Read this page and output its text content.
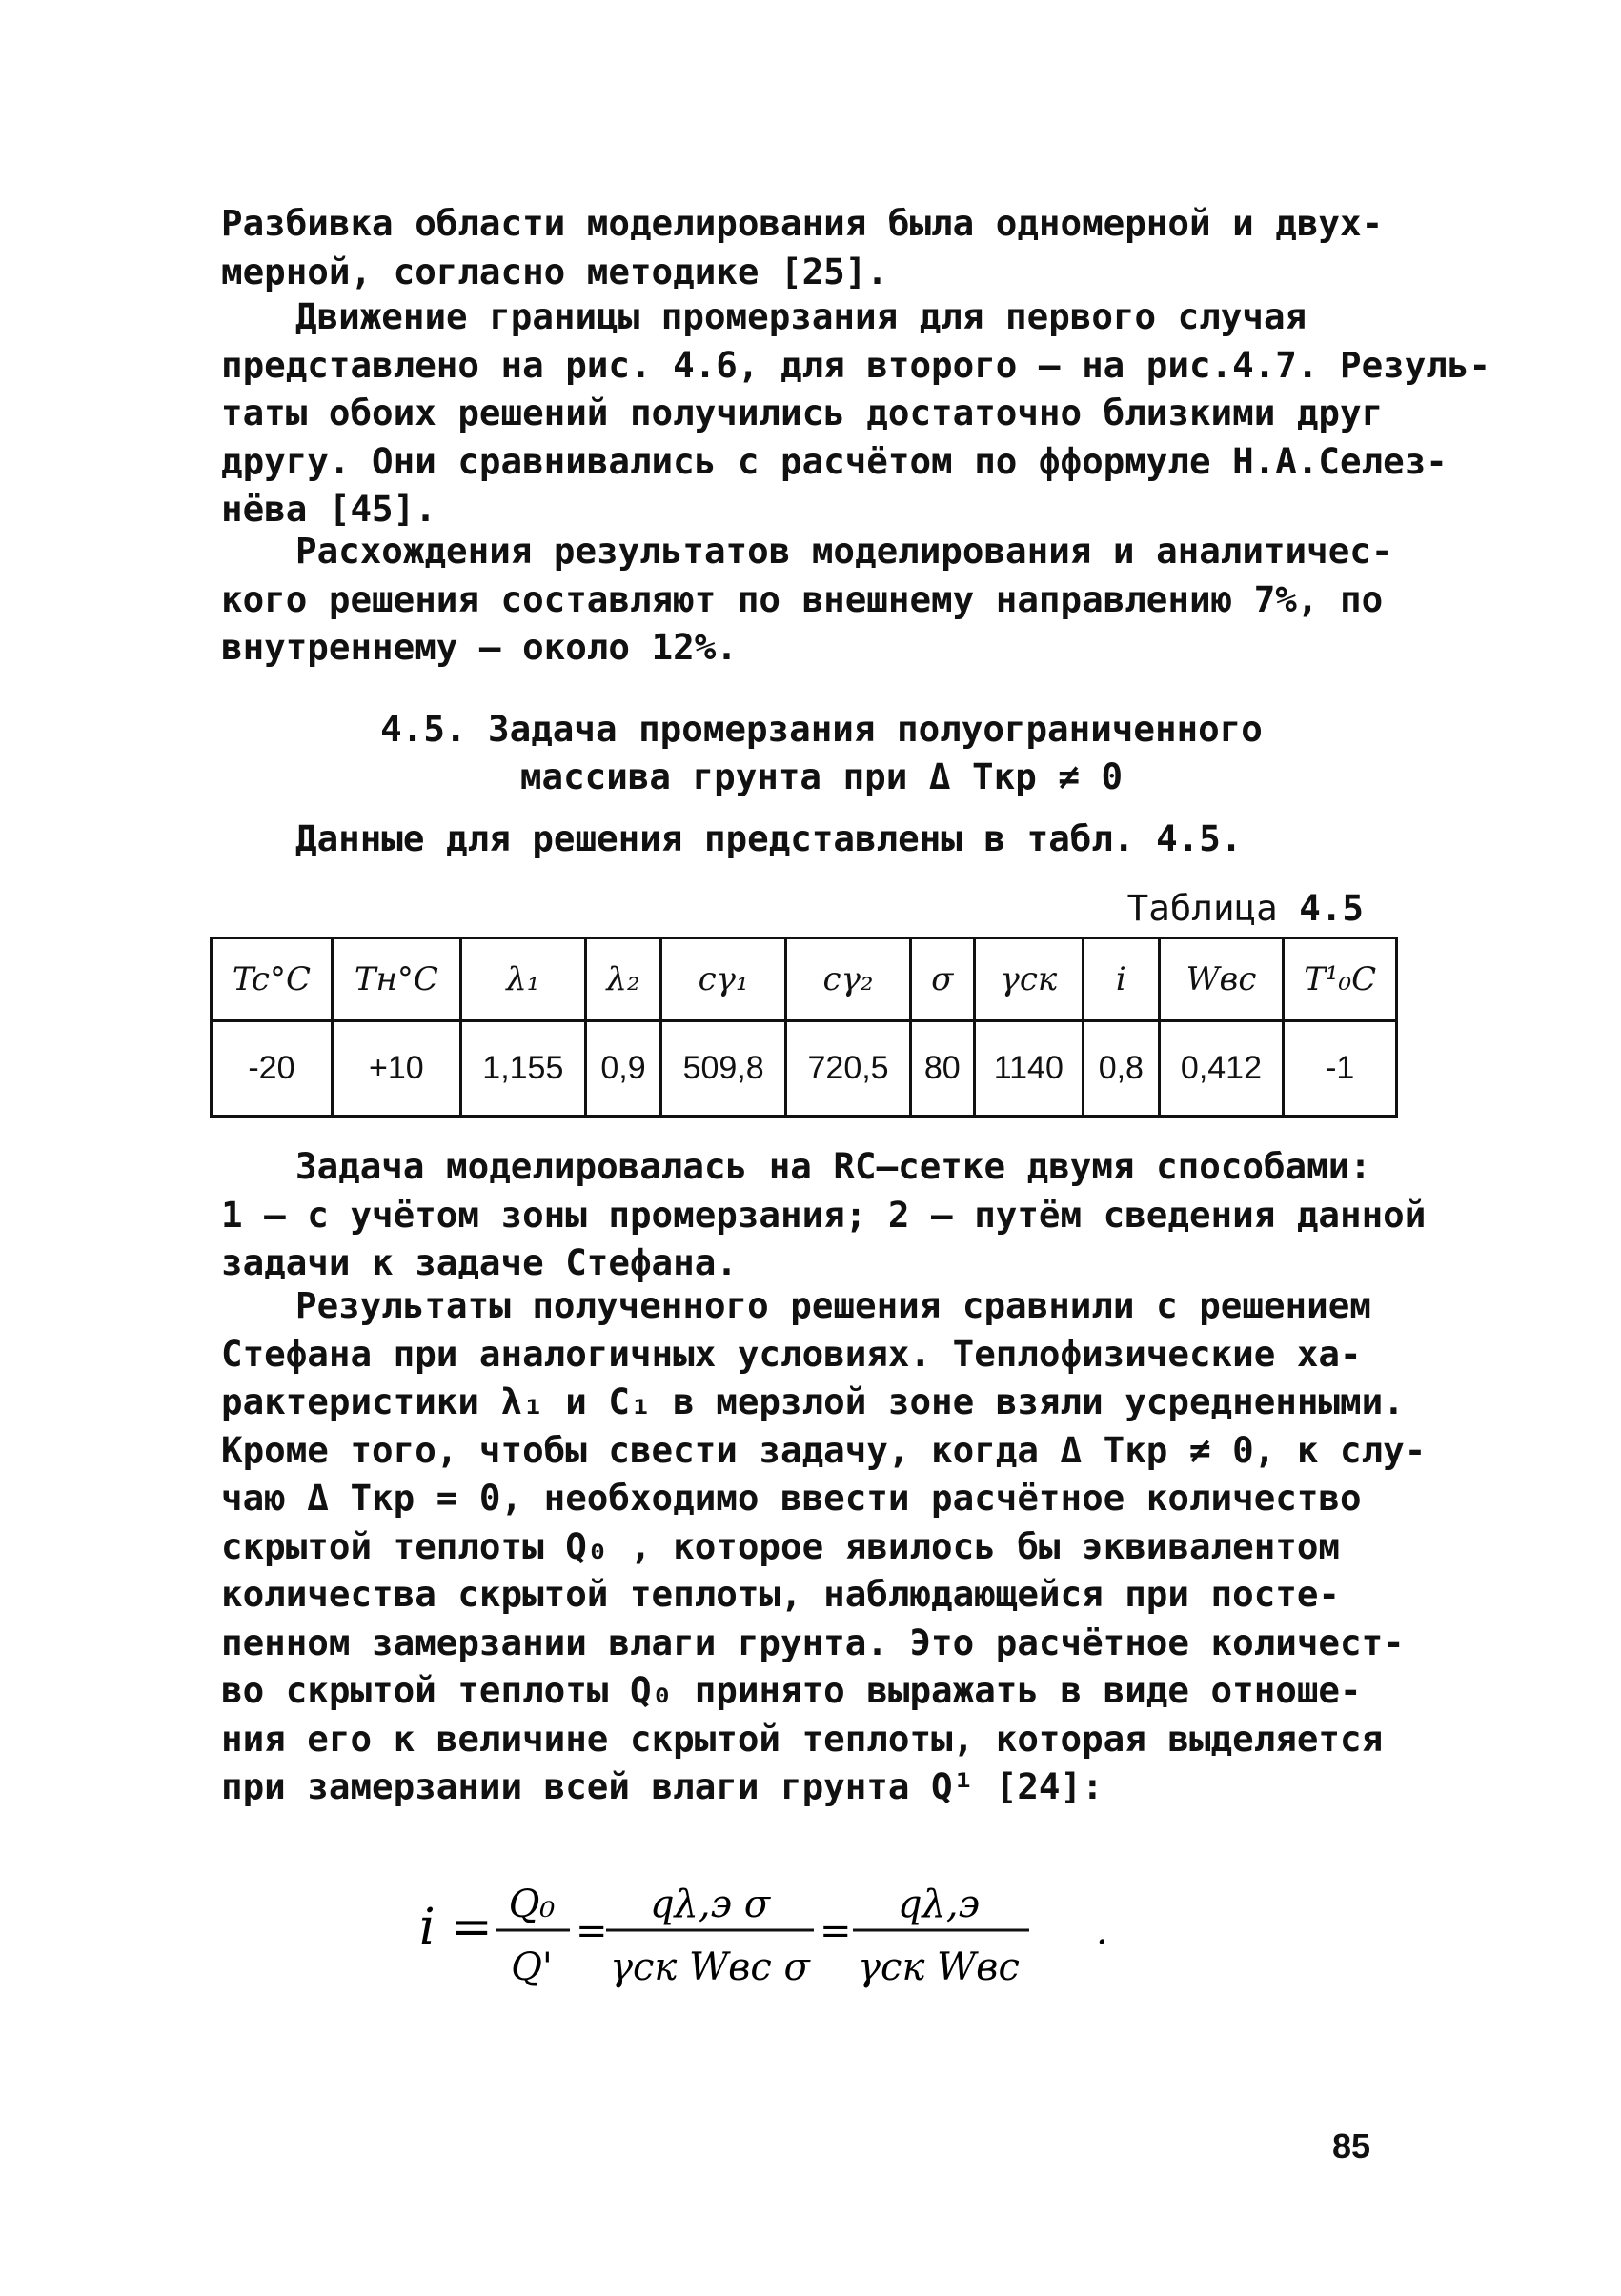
Разбивка области моделирования была одномерной и двух-
мерной, согласно методике [25].
Движение границы промерзания для первого случая
представлено на рис. 4.6, для второго – на рис.4.7. Резуль-
таты обоих решений получились достаточно близкими друг
другу. Они сравнивались с расчётом по фформуле Н.А.Селез-
нёва [45].
Расхождения результатов моделирования и аналитичес-
кого решения составляют по внешнему направлению 7%, по
внутреннему – около 12%.
4.5. Задача промерзания полуограниченного
массива грунта при Δ Tкр ≠ 0
Данные для решения представлены в табл. 4.5.
Таблица 4.5
Tc°C	Tн°C	λ₁	λ₂	cγ₁	cγ₂	σ	γск	i	Wвс	T¹₀C
-20	+10	1,155	0,9	509,8	720,5	80	1140	0,8	0,412	-1
Задача моделировалась на RC–сетке двумя способами:
1 – с учётом зоны промерзания; 2 – путём сведения данной
задачи к задаче Стефана.
Результаты полученного решения сравнили с решением
Стефана при аналогичных условиях. Теплофизические ха-
рактеристики λ₁ и С₁ в мерзлой зоне взяли усредненными.
Кроме того, чтобы свести задачу, когда Δ Tкр ≠ 0, к слу-
чаю Δ Tкр = 0, необходимо ввести расчётное количество
скрытой теплоты Q₀ , которое явилось бы эквивалентом
количества скрытой теплоты, наблюдающейся при посте-
пенном замерзании влаги грунта. Это расчётное количест-
во скрытой теплоты Q₀ принято выражать в виде отноше-
ния его к величине скрытой теплоты, которая выделяется
при замерзании всей влаги грунта Q¹ [24]:
i = Q₀
Q'
=
qλ,э σ
γск Wвс σ
=
qλ,э
γск Wвс
.
85
